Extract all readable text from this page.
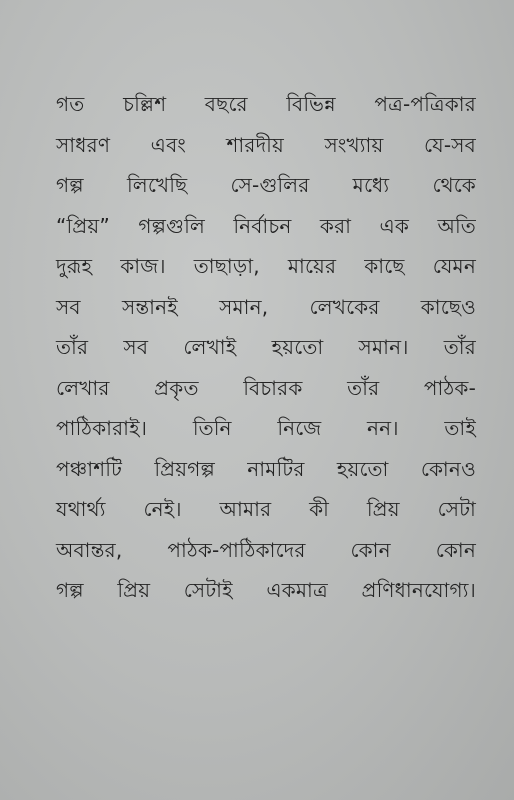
গত চল্লিশ বছরে বিভিন্ন পত্র-পত্রিকার
সাধরণ এবং শারদীয় সংখ্যায় যে-সব
গল্প লিখেছি সে-গুলির মধ্যে থেকে
“প্রিয়” গল্পগুলি নির্বাচন করা এক অতি
দুরূহ কাজ। তাছাড়া, মায়ের কাছে যেমন
সব সন্তানই সমান, লেখকের কাছেও
তাঁর সব লেখাই হয়তো সমান। তাঁর
লেখার প্রকৃত বিচারক তাঁর পাঠক-
পাঠিকারাই। তিনি নিজে নন। তাই
পঞ্চাশটি প্রিয়গল্প নামটির হয়তো কোনও
যথার্থ্য নেই। আমার কী প্রিয় সেটা
অবান্তর, পাঠক-পাঠিকাদের কোন কোন
গল্প প্রিয় সেটাই একমাত্র প্রণিধানযোগ্য।
